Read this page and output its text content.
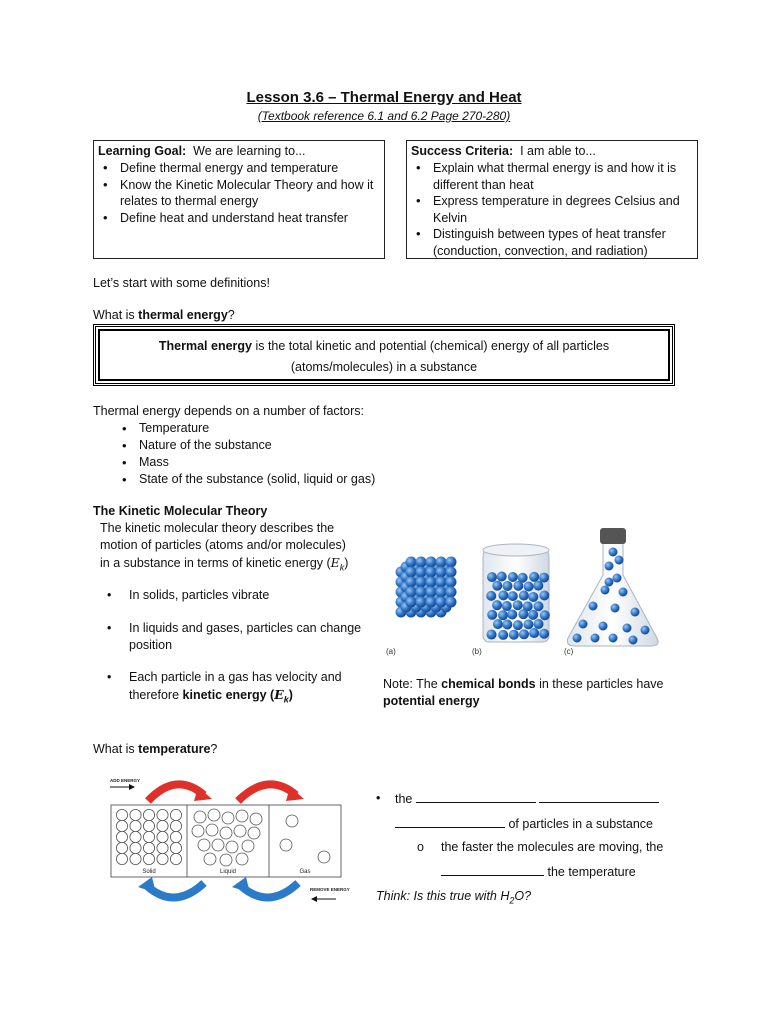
Lesson 3.6 – Thermal Energy and Heat
(Textbook reference 6.1 and 6.2 Page 270-280)
Learning Goal: We are learning to...
• Define thermal energy and temperature
• Know the Kinetic Molecular Theory and how it relates to thermal energy
• Define heat and understand heat transfer
Success Criteria: I am able to...
• Explain what thermal energy is and how it is different than heat
• Express temperature in degrees Celsius and Kelvin
• Distinguish between types of heat transfer (conduction, convection, and radiation)
Let’s start with some definitions!
What is thermal energy?
Thermal energy is the total kinetic and potential (chemical) energy of all particles
(atoms/molecules) in a substance
Thermal energy depends on a number of factors:
• Temperature
• Nature of the substance
• Mass
• State of the substance (solid, liquid or gas)
The Kinetic Molecular Theory
The kinetic molecular theory describes the
motion of particles (atoms and/or molecules)
in a substance in terms of kinetic energy $(E_k)$
• In solids, particles vibrate
• In liquids and gases, particles can change
position
• Each particle in a gas has velocity and
therefore kinetic energy $(E_k)$
(a)	(b)	(c)
Note: The chemical bonds in these particles have
potential energy
What is temperature?
ADD ENERGY
Solid	Liquid	Gas
REMOVE ENERGY
• the
of particles in a substance
o the faster the molecules are moving, the
the temperature
Think: Is this true with $H_2O$?
